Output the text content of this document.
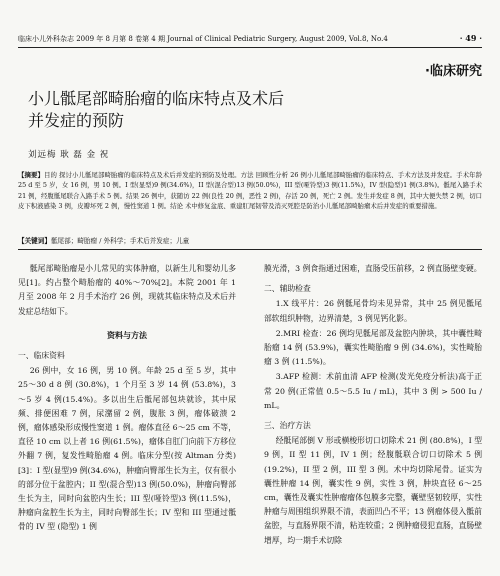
临床小儿外科杂志 2009 年 8 月第 8 卷第 4 期 Journal of Clinical Pediatric Surgery, August 2009, Vol.8, No.4	· 49 ·
·临床研究
小儿骶尾部畸胎瘤的临床特点及术后
并发症的预防
刘远梅 耿 磊 金 祝

【摘要】目的 探讨小儿骶尾部畸胎瘤的临床特点及术后并发症的预防及处理。方法 回顾性分析 26 例小儿骶尾部畸胎瘤的临床特点、手术方法及并发症。手术年龄 25 d 至 5 岁，女 16 例，男 10 例。I 型(显型)9 例(34.6%)，II 型(混合型)13 例(50.0%)，III 型(哑铃型)3 例(11.5%)，IV 型(隐型)1 例(3.8%)。骶尾入路手术 21 例，经腹骶尾联合入路手术 5 例。结果 26 例中，获随访 22 例(良性 20 例，恶性 2 例)，存活 20 例，死亡 2 例。发生并发症 8 例，其中大便失禁 2 例，切口皮下积液感染 3 例，皮瓣坏死 2 例，慢性窦道 1 例。结论 术中修复盆底、重建肛尾韧带及消灭死腔是防治小儿骶尾部畸胎瘤术后并发症的重要措施。

【关键词】骶尾部；畸胎瘤 / 外科学；手术后并发症；儿童

骶尾部畸胎瘤是小儿常见的实体肿瘤，以新生儿和婴幼儿多见[1]。约占整个畸胎瘤的 40%～70%[2]。本院 2001 年 1 月至 2008 年 2 月手术治疗 26 例，现就其临床特点及术后并发症总结如下。

资料与方法

一、临床资料

26 例中，女 16 例，男 10 例。年龄 25 d 至 5 岁，其中 25～30 d 8 例 (30.8%)，1 个月至 3 岁 14 例 (53.8%)，3～5 岁 4 例(15.4%)。多以出生后骶尾部包块就诊，其中尿频、排便困难 7 例，尿潴留 2 例，腹胀 3 例，瘤体破溃 2 例，瘤体感染形成慢性窦道 1 例。瘤体直径 6～25 cm 不等，直径 10 cm 以上者 16 例(61.5%)，瘤体自肛门向前下方移位外翻 7 例，复发性畸胎瘤 4 例。临床分型(按 Altman 分类)[3]：I 型(显型)9 例(34.6%)，肿瘤向臀部生长为主，仅有很小的部分位于盆腔内；II 型(混合型)13 例(50.0%)，肿瘤向臀部生长为主，同时向盆腔内生长；III 型(哑铃型)3 例(11.5%)，肿瘤向盆腔生长为主，同时向臀部生长；IV 型和 III 型通过骶骨的 IV 型 (隐型) 1 例

膜光滑，3 例食指通过困难，直肠受压前移，2 例直肠壁变硬。

二、辅助检查

1.X 线平片：26 例骶尾骨均未见异常，其中 25 例见骶尾部软组织肿物，边界清楚，3 例见钙化影。

2.MRI 检查：26 例均见骶尾部及盆腔内肿块，其中囊性畸胎瘤 14 例 (53.9%)，囊实性畸胎瘤 9 例 (34.6%)，实性畸胎瘤 3 例 (11.5%)。

3.AFP 检测：术前血清 AFP 检测(发光免疫分析法)高于正常 20 例(正常值 0.5～5.5 Iu / mL)，其中 3 例 > 500 Iu / mL。

三、治疗方法

经骶尾部倒 V 形或横梭形切口切除术 21 例 (80.8%)，I 型 9 例，II 型 11 例，IV 1 例；经腹骶联合切口切除术 5 例(19.2%)，II 型 2 例，III 型 3 例。术中均切除尾骨。证实为囊性肿瘤 14 例，囊实性 9 例，实性 3 例，肿块直径 6～25 cm，囊性及囊实性肿瘤瘤体包膜多完整，囊壁坚韧较厚，实性肿瘤与周围组织界限不清，表面凹凸不平；13 例瘤体侵入骶前盆腔，与直肠界限不清，粘连较重；2 例肿瘤侵犯直肠，直肠壁增厚，均一期手术切除
